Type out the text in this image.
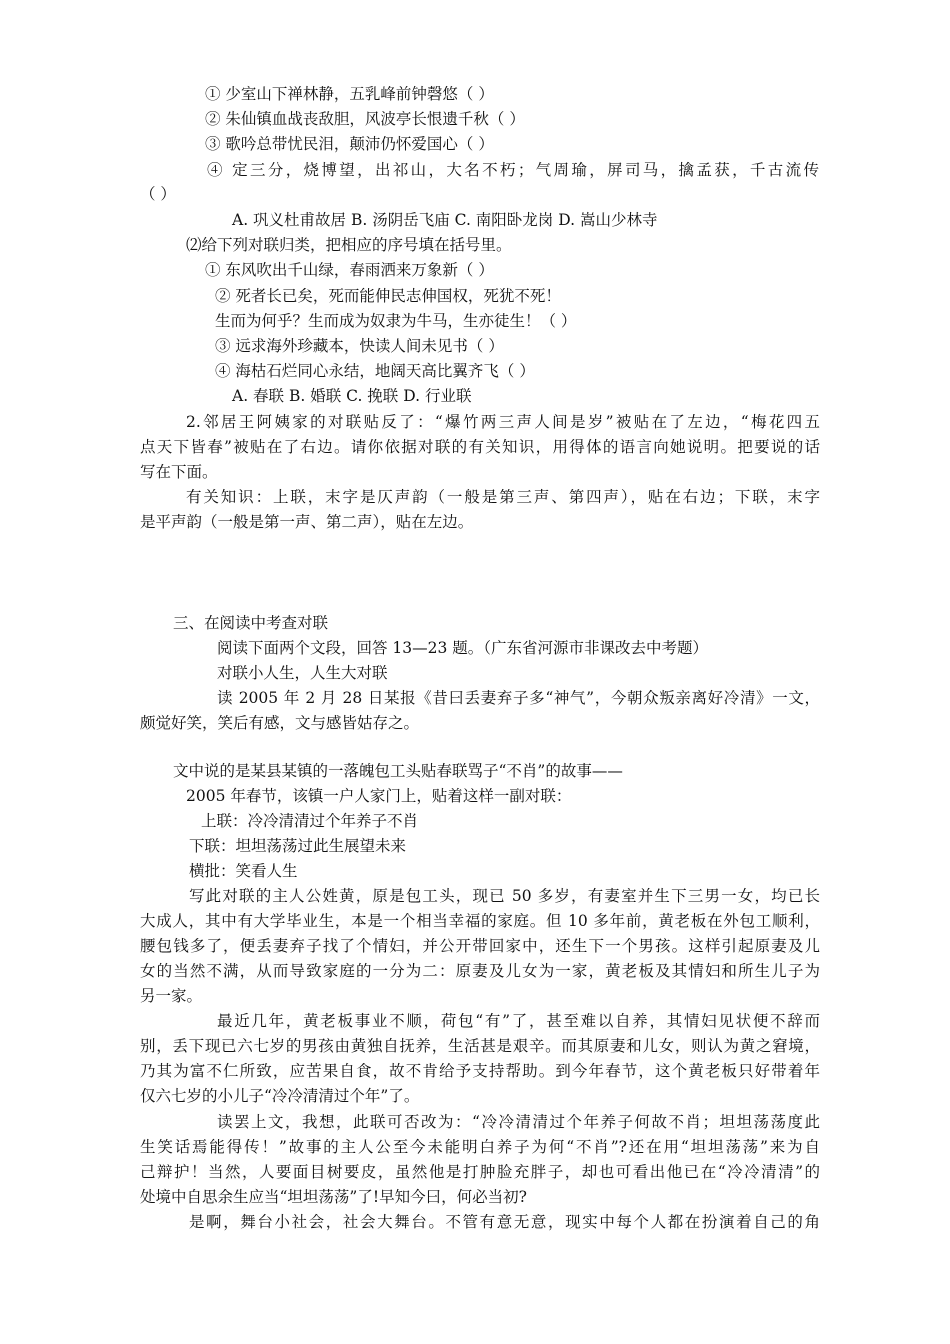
① 少室山下禅林静，五乳峰前钟磬悠（ ）
② 朱仙镇血战丧敌胆，风波亭长恨遗千秋（ ）
③ 歌吟总带忧民泪，颠沛仍怀爱国心（ ）
④ 定三分，烧博望，出祁山，大名不朽；气周瑜，屏司马，擒孟获，千古流传
（ ）
A. 巩义杜甫故居 B. 汤阴岳飞庙 C. 南阳卧龙岗 D. 嵩山少林寺
⑵给下列对联归类，把相应的序号填在括号里。
① 东风吹出千山绿，春雨洒来万象新（ ）
② 死者长已矣，死而能伸民志伸国权，死犹不死！
生而为何乎？生而成为奴隶为牛马，生亦徒生！（ ）
③ 远求海外珍藏本，快读人间未见书（ ）
④ 海枯石烂同心永结，地阔天高比翼齐飞（ ）
A. 春联 B. 婚联 C. 挽联 D. 行业联
2.邻居王阿姨家的对联贴反了：“爆竹两三声人间是岁”被贴在了左边，“梅花四五
点天下皆春”被贴在了右边。请你依据对联的有关知识，用得体的语言向她说明。把要说的话
写在下面。
有关知识：上联，末字是仄声韵（一般是第三声、第四声），贴在右边；下联，末字
是平声韵（一般是第一声、第二声），贴在左边。
三、在阅读中考查对联
阅读下面两个文段，回答 13—23 题。（广东省河源市非课改去中考题）
对联小人生，人生大对联
读 2005 年 2 月 28 日某报《昔曰丢妻弃子多“神气”，今朝众叛亲离好冷清》一文，
颇觉好笑，笑后有感，文与感皆姑存之。
文中说的是某县某镇的一落魄包工头贴春联骂子“不肖”的故事——
2005 年春节，该镇一户人家门上，贴着这样一副对联：
上联：冷冷清清过个年养子不肖
下联：坦坦荡荡过此生展望未来
横批：笑看人生
写此对联的主人公姓黄，原是包工头，现已 50 多岁，有妻室并生下三男一女，均已长
大成人，其中有大学毕业生，本是一个相当幸福的家庭。但 10 多年前，黄老板在外包工顺利，
腰包钱多了，便丢妻弃子找了个情妇，并公开带回家中，还生下一个男孩。这样引起原妻及儿
女的当然不满，从而导致家庭的一分为二：原妻及儿女为一家，黄老板及其情妇和所生儿子为
另一家。
最近几年，黄老板事业不顺，荷包“有”了，甚至难以自养，其情妇见状便不辞而
别，丢下现已六七岁的男孩由黄独自抚养，生活甚是艰辛。而其原妻和儿女，则认为黄之窘境，
乃其为富不仁所致，应苦果自食，故不肯给予支持帮助。到今年春节，这个黄老板只好带着年
仅六七岁的小儿子“冷冷清清过个年”了。
读罢上文，我想，此联可否改为：“冷冷清清过个年养子何故不肖；坦坦荡荡度此
生笑话焉能得传！”故事的主人公至今未能明白养子为何“不肖”?还在用“坦坦荡荡”来为自
己辩护！当然，人要面目树要皮，虽然他是打肿脸充胖子，却也可看出他已在“冷冷清清”的
处境中自思余生应当“坦坦荡荡”了!早知今曰，何必当初?
是啊，舞台小社会，社会大舞台。不管有意无意，现实中每个人都在扮演着自己的角
